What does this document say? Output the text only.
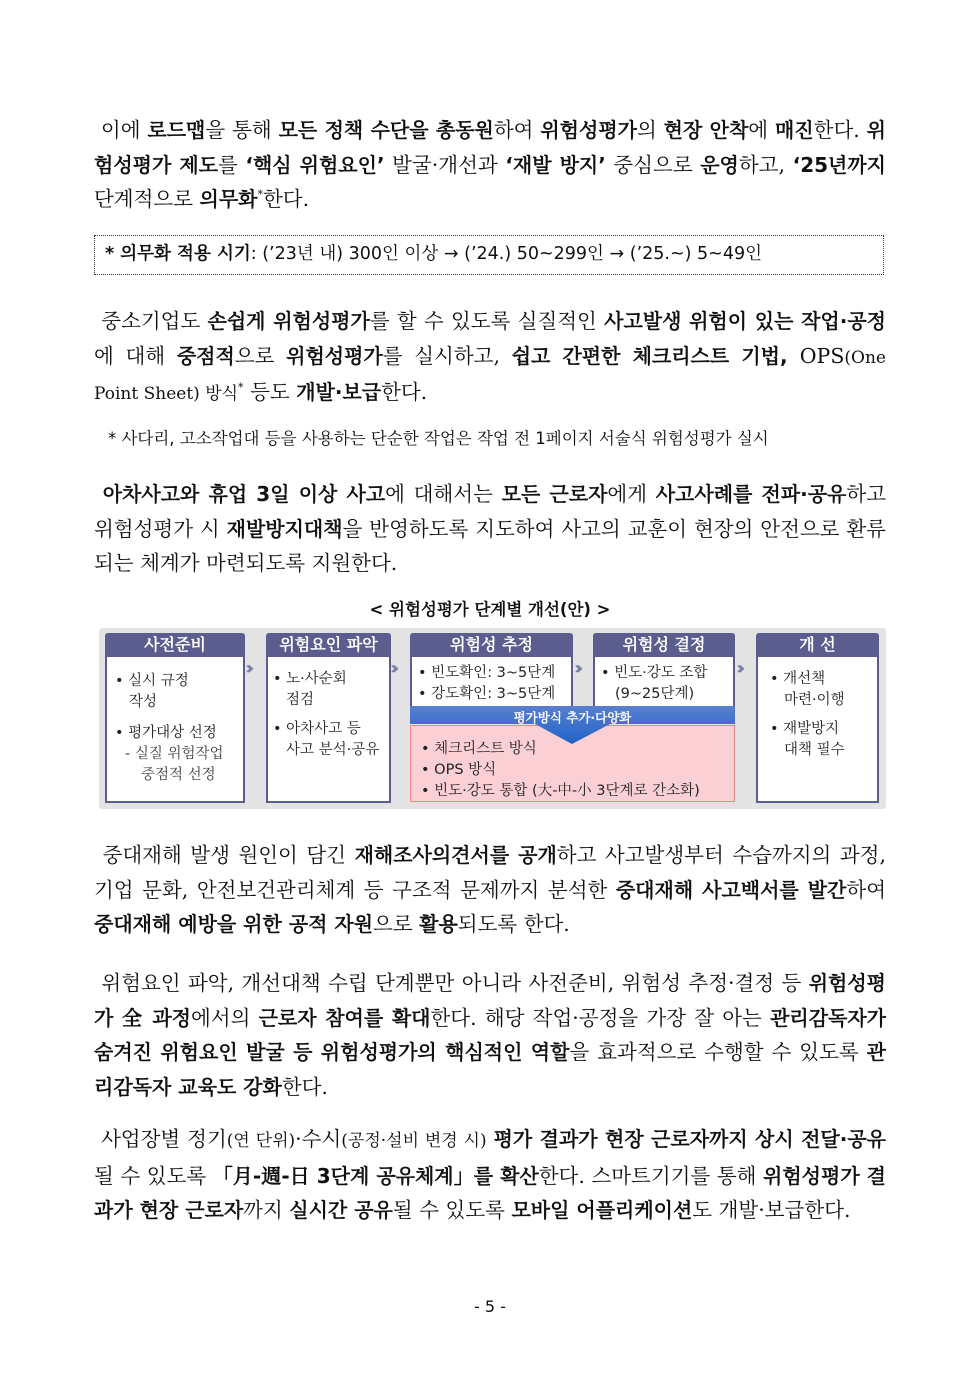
이에 로드맵을 통해 모든 정책 수단을 총동원하여 위험성평가의 현장 안착에 매진한다. 위험성평가 제도를 ‘핵심 위험요인’ 발굴·개선과 ‘재발 방지’ 중심으로 운영하고, ‘25년까지 단계적으로 의무화*한다.
* 의무화 적용 시기: (’23년 내) 300인 이상 → (’24.) 50~299인 → (’25.~) 5~49인
중소기업도 손쉽게 위험성평가를 할 수 있도록 실질적인 사고발생 위험이 있는 작업·공정에 대해 중점적으로 위험성평가를 실시하고, 쉽고 간편한 체크리스트 기법, OPS(One Point Sheet) 방식* 등도 개발·보급한다.
* 사다리, 고소작업대 등을 사용하는 단순한 작업은 작업 전 1페이지 서술식 위험성평가 실시
아차사고와 휴업 3일 이상 사고에 대해서는 모든 근로자에게 사고사례를 전파·공유하고 위험성평가 시 재발방지대책을 반영하도록 지도하여 사고의 교훈이 현장의 안전으로 환류되는 체계가 마련되도록 지원한다.
< 위험성평가 단계별 개선(안) >
사전준비
• 실시 규정
작성
• 평가대상 선정
- 실질 위험작업
중점적 선정
›››
위험요인 파악
• 노·사순회
점검
• 아차사고 등
사고 분석·공유
›››
위험성 추정
• 빈도확인: 3~5단계
• 강도확인: 3~5단계
›››
위험성 결정
• 빈도·강도 조합
(9~25단계)
›››
개 선
• 개선책
마련·이행
• 재발방지
대책 필수
평가방식 추가·다양화
• 체크리스트 방식
• OPS 방식
• 빈도·강도 통합 (大-中-小 3단계로 간소화)
중대재해 발생 원인이 담긴 재해조사의견서를 공개하고 사고발생부터 수습까지의 과정, 기업 문화, 안전보건관리체계 등 구조적 문제까지 분석한 중대재해 사고백서를 발간하여 중대재해 예방을 위한 공적 자원으로 활용되도록 한다.
위험요인 파악, 개선대책 수립 단계뿐만 아니라 사전준비, 위험성 추정·결정 등 위험성평가 全 과정에서의 근로자 참여를 확대한다. 해당 작업·공정을 가장 잘 아는 관리감독자가 숨겨진 위험요인 발굴 등 위험성평가의 핵심적인 역할을 효과적으로 수행할 수 있도록 관리감독자 교육도 강화한다.
사업장별 정기(연 단위)·수시(공정·설비 변경 시) 평가 결과가 현장 근로자까지 상시 전달·공유될 수 있도록 「月-週-日 3단계 공유체계」를 확산한다. 스마트기기를 통해 위험성평가 결과가 현장 근로자까지 실시간 공유될 수 있도록 모바일 어플리케이션도 개발·보급한다.
- 5 -
